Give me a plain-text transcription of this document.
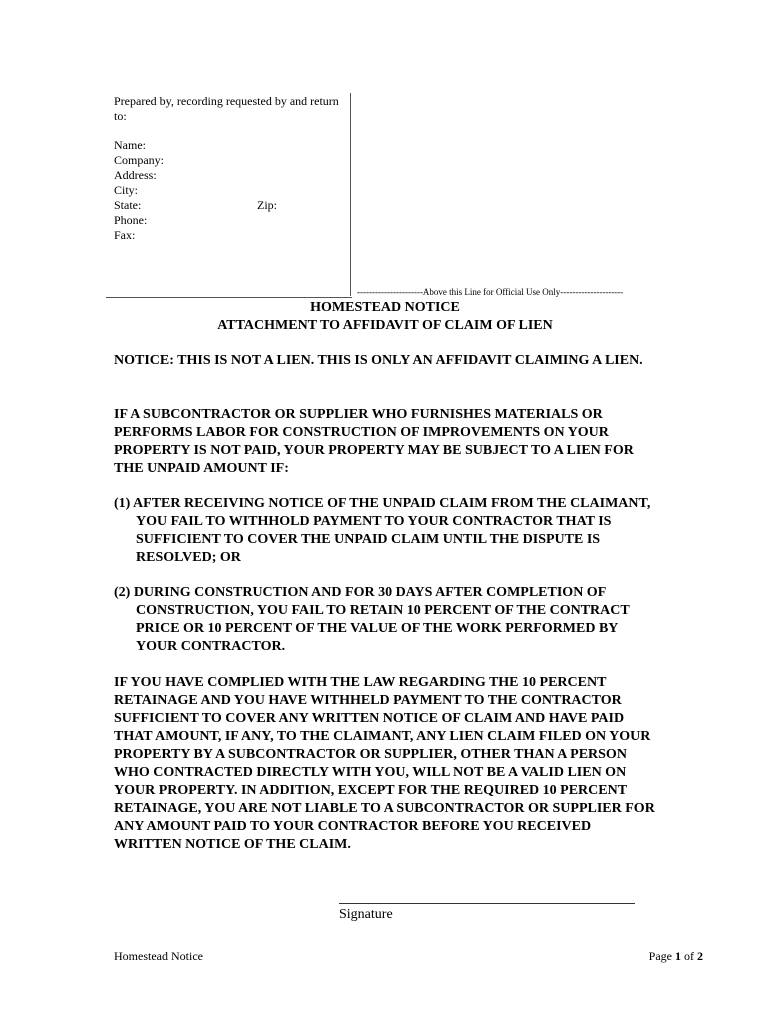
Prepared by, recording requested by and return to:
Name:
Company:
Address:
City:
State:
Phone:
Fax:
Zip:
----------------------Above this Line for Official Use Only---------------------
HOMESTEAD NOTICE
ATTACHMENT TO AFFIDAVIT OF CLAIM OF LIEN
NOTICE: THIS IS NOT A LIEN. THIS IS ONLY AN AFFIDAVIT CLAIMING A LIEN.
IF A SUBCONTRACTOR OR SUPPLIER WHO FURNISHES MATERIALS OR PERFORMS LABOR FOR CONSTRUCTION OF IMPROVEMENTS ON YOUR PROPERTY IS NOT PAID, YOUR PROPERTY MAY BE SUBJECT TO A LIEN FOR THE UNPAID AMOUNT IF:
(1) AFTER RECEIVING NOTICE OF THE UNPAID CLAIM FROM THE CLAIMANT, YOU FAIL TO WITHHOLD PAYMENT TO YOUR CONTRACTOR THAT IS SUFFICIENT TO COVER THE UNPAID CLAIM UNTIL THE DISPUTE IS RESOLVED; OR
(2) DURING CONSTRUCTION AND FOR 30 DAYS AFTER COMPLETION OF CONSTRUCTION, YOU FAIL TO RETAIN 10 PERCENT OF THE CONTRACT PRICE OR 10 PERCENT OF THE VALUE OF THE WORK PERFORMED BY YOUR CONTRACTOR.
IF YOU HAVE COMPLIED WITH THE LAW REGARDING THE 10 PERCENT RETAINAGE AND YOU HAVE WITHHELD PAYMENT TO THE CONTRACTOR SUFFICIENT TO COVER ANY WRITTEN NOTICE OF CLAIM AND HAVE PAID THAT AMOUNT, IF ANY, TO THE CLAIMANT, ANY LIEN CLAIM FILED ON YOUR PROPERTY BY A SUBCONTRACTOR OR SUPPLIER, OTHER THAN A PERSON WHO CONTRACTED DIRECTLY WITH YOU, WILL NOT BE A VALID LIEN ON YOUR PROPERTY. IN ADDITION, EXCEPT FOR THE REQUIRED 10 PERCENT RETAINAGE, YOU ARE NOT LIABLE TO A SUBCONTRACTOR OR SUPPLIER FOR ANY AMOUNT PAID TO YOUR CONTRACTOR BEFORE YOU RECEIVED WRITTEN NOTICE OF THE CLAIM.
Signature
Homestead Notice	Page 1 of 2
